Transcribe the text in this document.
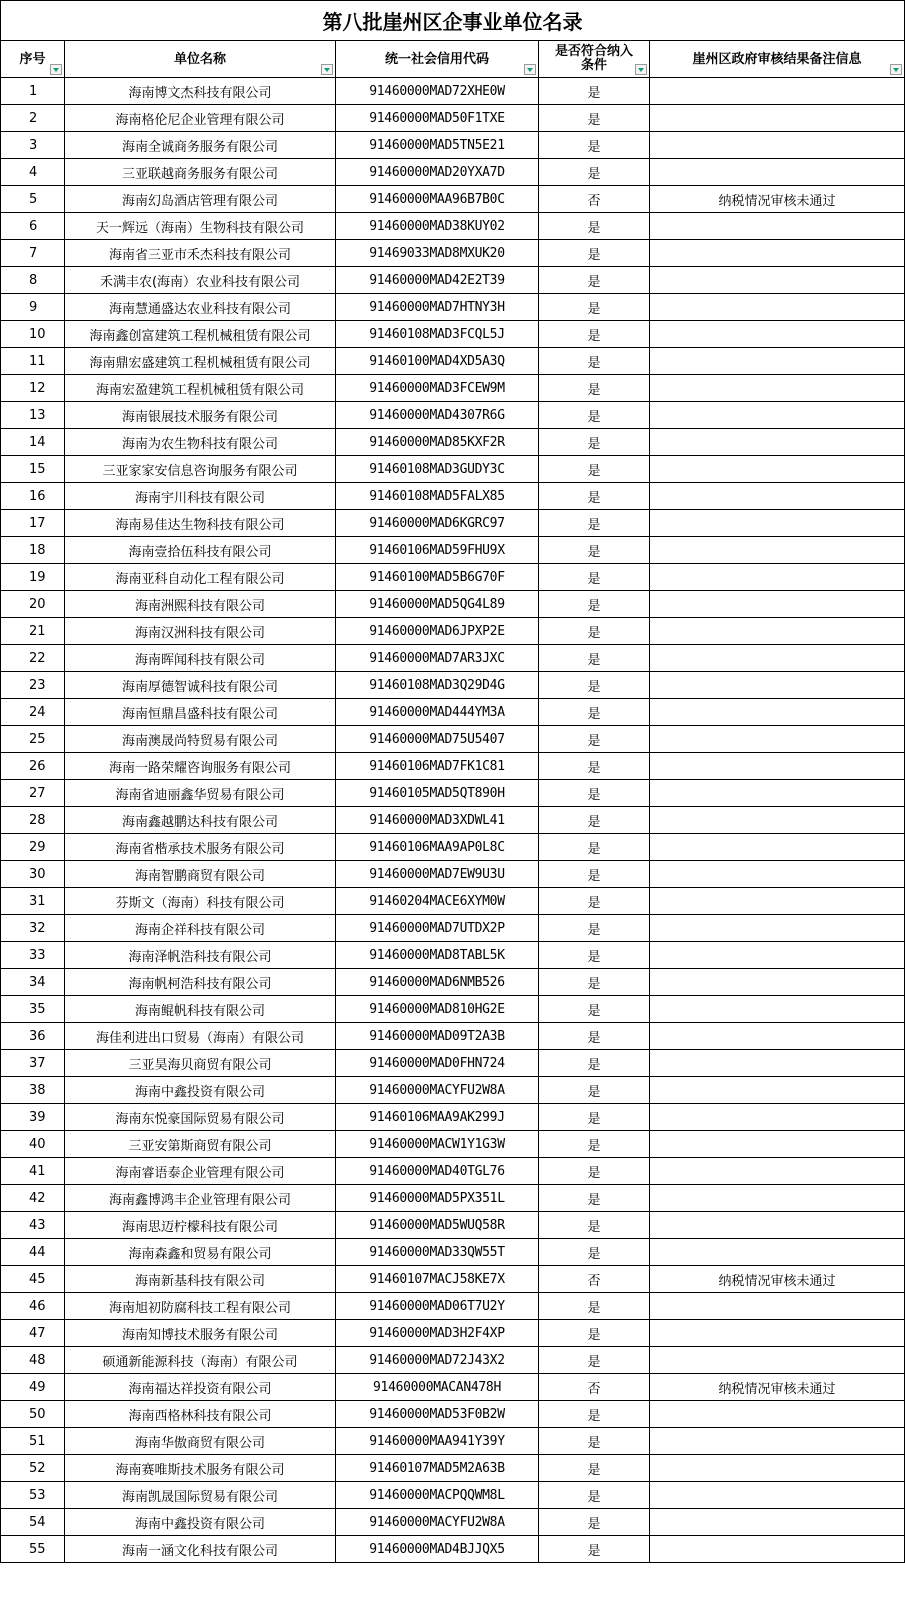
第八批崖州区企事业单位名录				
序号	单位名称	统一社会信用代码	是否符合纳入条件	崖州区政府审核结果备注信息

1	海南博文杰科技有限公司	91460000MAD72XHE0W	是	
2	海南格伦尼企业管理有限公司	91460000MAD50F1TXE	是	
3	海南全诚商务服务有限公司	91460000MAD5TN5E21	是	
4	三亚联越商务服务有限公司	91460000MAD20YXA7D	是	
5	海南幻岛酒店管理有限公司	91460000MAA96B7B0C	否	纳税情况审核未通过
6	天一辉远（海南）生物科技有限公司	91460000MAD38KUY02	是	
7	海南省三亚市禾杰科技有限公司	91469033MAD8MXUK20	是	
8	禾满丰农(海南）农业科技有限公司	91460000MAD42E2T39	是	
9	海南慧通盛达农业科技有限公司	91460000MAD7HTNY3H	是	
10	海南鑫创富建筑工程机械租赁有限公司	91460108MAD3FCQL5J	是	
11	海南鼎宏盛建筑工程机械租赁有限公司	91460100MAD4XD5A3Q	是	
12	海南宏盈建筑工程机械租赁有限公司	91460000MAD3FCEW9M	是	
13	海南银展技术服务有限公司	91460000MAD4307R6G	是	
14	海南为农生物科技有限公司	91460000MAD85KXF2R	是	
15	三亚家家安信息咨询服务有限公司	91460108MAD3GUDY3C	是	
16	海南宇川科技有限公司	91460108MAD5FALX85	是	
17	海南易佳达生物科技有限公司	91460000MAD6KGRC97	是	
18	海南壹拾伍科技有限公司	91460106MAD59FHU9X	是	
19	海南亚科自动化工程有限公司	91460100MAD5B6G70F	是	
20	海南洲熙科技有限公司	91460000MAD5QG4L89	是	
21	海南汉洲科技有限公司	91460000MAD6JPXP2E	是	
22	海南晖闻科技有限公司	91460000MAD7AR3JXC	是	
23	海南厚德智诚科技有限公司	91460108MAD3Q29D4G	是	
24	海南恒鼎昌盛科技有限公司	91460000MAD444YM3A	是	
25	海南澳晟尚特贸易有限公司	91460000MAD75U5407	是	
26	海南一路荣耀咨询服务有限公司	91460106MAD7FK1C81	是	
27	海南省迪丽鑫华贸易有限公司	91460105MAD5QT890H	是	
28	海南鑫越鹏达科技有限公司	91460000MAD3XDWL41	是	
29	海南省楷承技术服务有限公司	91460106MAA9AP0L8C	是	
30	海南智鹏商贸有限公司	91460000MAD7EW9U3U	是	
31	芬斯文（海南）科技有限公司	91460204MACE6XYM0W	是	
32	海南企祥科技有限公司	91460000MAD7UTDX2P	是	
33	海南泽帆浩科技有限公司	91460000MAD8TABL5K	是	
34	海南帆柯浩科技有限公司	91460000MAD6NMB526	是	
35	海南鲲帆科技有限公司	91460000MAD810HG2E	是	
36	海佳利进出口贸易（海南）有限公司	91460000MAD09T2A3B	是	
37	三亚昊海贝商贸有限公司	91460000MAD0FHN724	是	
38	海南中鑫投资有限公司	91460000MACYFU2W8A	是	
39	海南东悦豪国际贸易有限公司	91460106MAA9AK299J	是	
40	三亚安第斯商贸有限公司	91460000MACW1Y1G3W	是	
41	海南睿语泰企业管理有限公司	91460000MAD40TGL76	是	
42	海南鑫博鸿丰企业管理有限公司	91460000MAD5PX351L	是	
43	海南思迈柠檬科技有限公司	91460000MAD5WUQ58R	是	
44	海南森鑫和贸易有限公司	91460000MAD33QW55T	是	
45	海南新基科技有限公司	91460107MACJ58KE7X	否	纳税情况审核未通过
46	海南旭初防腐科技工程有限公司	91460000MAD06T7U2Y	是	
47	海南知博技术服务有限公司	91460000MAD3H2F4XP	是	
48	硕通新能源科技（海南）有限公司	91460000MAD72J43X2	是	
49	海南福达祥投资有限公司	91460000MACAN478H	否	纳税情况审核未通过
50	海南西格林科技有限公司	91460000MAD53F0B2W	是	
51	海南华傲商贸有限公司	91460000MAA941Y39Y	是	
52	海南赛唯斯技术服务有限公司	91460107MAD5M2A63B	是	
53	海南凯晟国际贸易有限公司	91460000MACPQQWM8L	是	
54	海南中鑫投资有限公司	91460000MACYFU2W8A	是	
55	海南一涵文化科技有限公司	91460000MAD4BJJQX5	是	
